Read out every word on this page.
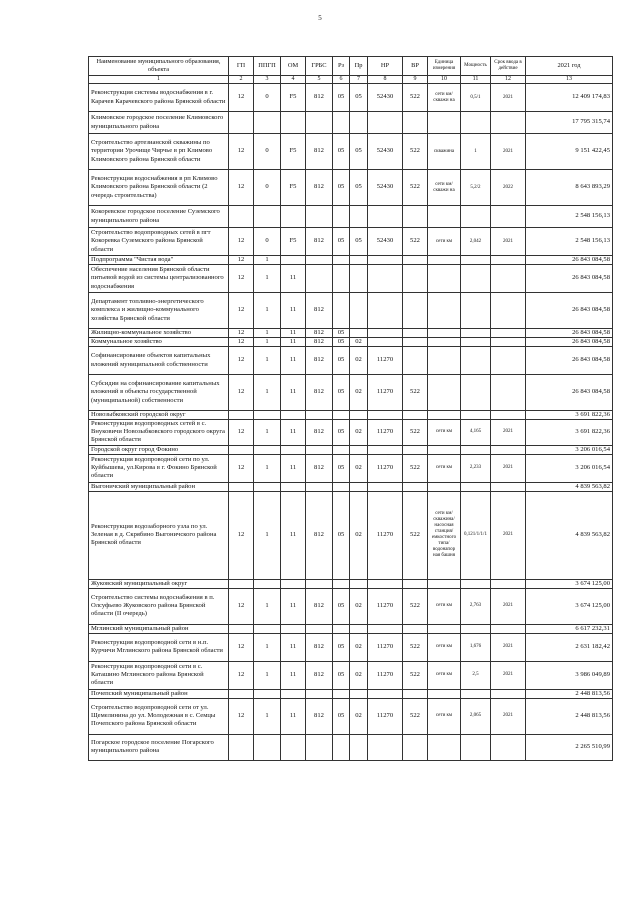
5
Наименование муниципального образования, объекта	ГП	ППГП	ОМ	ГРБС	Рз	Пр	НР	ВР	Единица измерения	Мощность	Срок ввода в действие	2021 год
1	2	3	4	5	6	7	8	9	10	11	12	13
Реконструкция системы водоснабжения в г. Карачев Карачевского района Брянской области	12	0	F5	812	05	05	52430	522	сети км/скважи на	0,5/1	2021	12 409 174,83
Климовское городское поселение Климовского муниципального района												17 795 315,74
Строительство артезианской скважины по территории Урочище Чирчье в рп Климово Климовского района Брянской области	12	0	F5	812	05	05	52430	522	скважина	1	2021	9 151 422,45
Реконструкция водоснабжения в рп Климово Климовского района Брянской области (2 очередь строительства)	12	0	F5	812	05	05	52430	522	сети км/скважи на	5,2/2	2022	8 643 893,29
Кокоревское городское поселение Суземского муниципального района												2 548 156,13
Строительство водопроводных сетей в пгт Кокоревка Суземского района Брянской области	12	0	F5	812	05	05	52430	522	сети км	2,042	2021	2 548 156,13
Подпрограмма "Чистая вода"	12	1										26 843 084,58
Обеспечение населения Брянской области питьевой водой из системы централизованного водоснабжения	12	1	11									26 843 084,58
Департамент топливно-энергетического комплекса и жилищно-коммунального хозяйства Брянской области	12	1	11	812								26 843 084,58
Жилищно-коммунальное хозяйство	12	1	11	812	05							26 843 084,58
Коммунальное хозяйство	12	1	11	812	05	02						26 843 084,58
Софинансирование объектов капитальных вложений муниципальной собственности	12	1	11	812	05	02	11270					26 843 084,58
Субсидии на софинансирование капитальных вложений в объекты государственной (муниципальной) собственности	12	1	11	812	05	02	11270	522				26 843 084,58
Новозыбковский городской округ												3 691 822,36
Реконструкция водопроводных сетей в с. Внуковичи Новозыбковского городского округа Брянской области	12	1	11	812	05	02	11270	522	сети км	4,165	2021	3 691 822,36
Городской округ город Фокино												3 206 016,54
Реконструкция водопроводной сети по ул. Куйбышева, ул.Кирова в г. Фокино Брянской области	12	1	11	812	05	02	11270	522	сети км	2,233	2021	3 206 016,54
Выгоничский муниципальный район												4 839 563,82
Реконструкция водозаборного узла по ул. Зеленая в д. Скрябино Выгоничского района Брянской области	12	1	11	812	05	02	11270	522	сети км/ скважина/ насосная станция/ емкостного типа/ водонапор ная башня	0,121/1/1/1	2021	4 839 563,82
Жуковский муниципальный округ												3 674 125,00
Строительство системы водоснабжения в п. Олсуфьево Жуковского района Брянской области (II очередь)	12	1	11	812	05	02	11270	522	сети км	2,763	2021	3 674 125,00
Мглинский муниципальный район												6 617 232,31
Реконструкция водопроводной сети в н.п. Курчичи Мглинского района Брянской области	12	1	11	812	05	02	11270	522	сети км	1,676	2021	2 631 182,42
Реконструкция водопроводной сети в с. Каташино Мглинского района Брянской области	12	1	11	812	05	02	11270	522	сети км	2,5	2021	3 986 049,89
Почепский муниципальный район												2 448 813,56
Строительство водопроводной сети от ул. Щемелинина до ул. Молодежная в с. Семцы Почепского района Брянской области	12	1	11	812	05	02	11270	522	сети км	2,065	2021	2 448 813,56
Погарское городское поселение Погарского муниципального района												2 265 510,99
